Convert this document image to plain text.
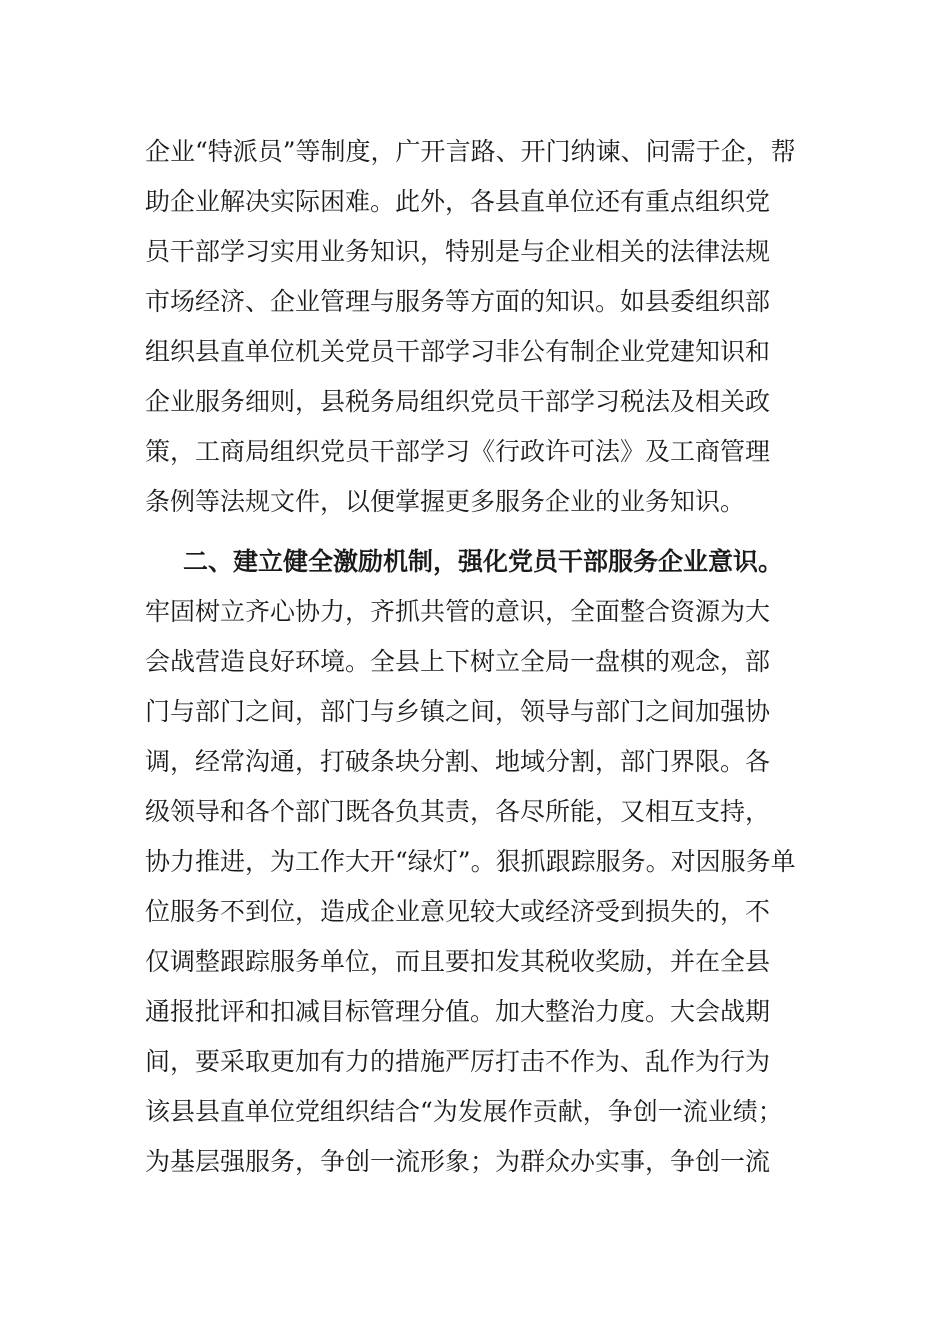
企业“特派员”等制度，广开言路、开门纳谏、问需于企，帮
助企业解决实际困难。此外，各县直单位还有重点组织党
员干部学习实用业务知识，特别是与企业相关的法律法规
市场经济、企业管理与服务等方面的知识。如县委组织部
组织县直单位机关党员干部学习非公有制企业党建知识和
企业服务细则，县税务局组织党员干部学习税法及相关政
策，工商局组织党员干部学习《行政许可法》及工商管理
条例等法规文件，以便掌握更多服务企业的业务知识。
二、建立健全激励机制，强化党员干部服务企业意识。
牢固树立齐心协力，齐抓共管的意识，全面整合资源为大
会战营造良好环境。全县上下树立全局一盘棋的观念，部
门与部门之间，部门与乡镇之间，领导与部门之间加强协
调，经常沟通，打破条块分割、地域分割，部门界限。各
级领导和各个部门既各负其责，各尽所能，又相互支持，
协力推进，为工作大开“绿灯”。狠抓跟踪服务。对因服务单
位服务不到位，造成企业意见较大或经济受到损失的，不
仅调整跟踪服务单位，而且要扣发其税收奖励，并在全县
通报批评和扣减目标管理分值。加大整治力度。大会战期
间，要采取更加有力的措施严厉打击不作为、乱作为行为
该县县直单位党组织结合“为发展作贡献，争创一流业绩；
为基层强服务，争创一流形象；为群众办实事，争创一流
